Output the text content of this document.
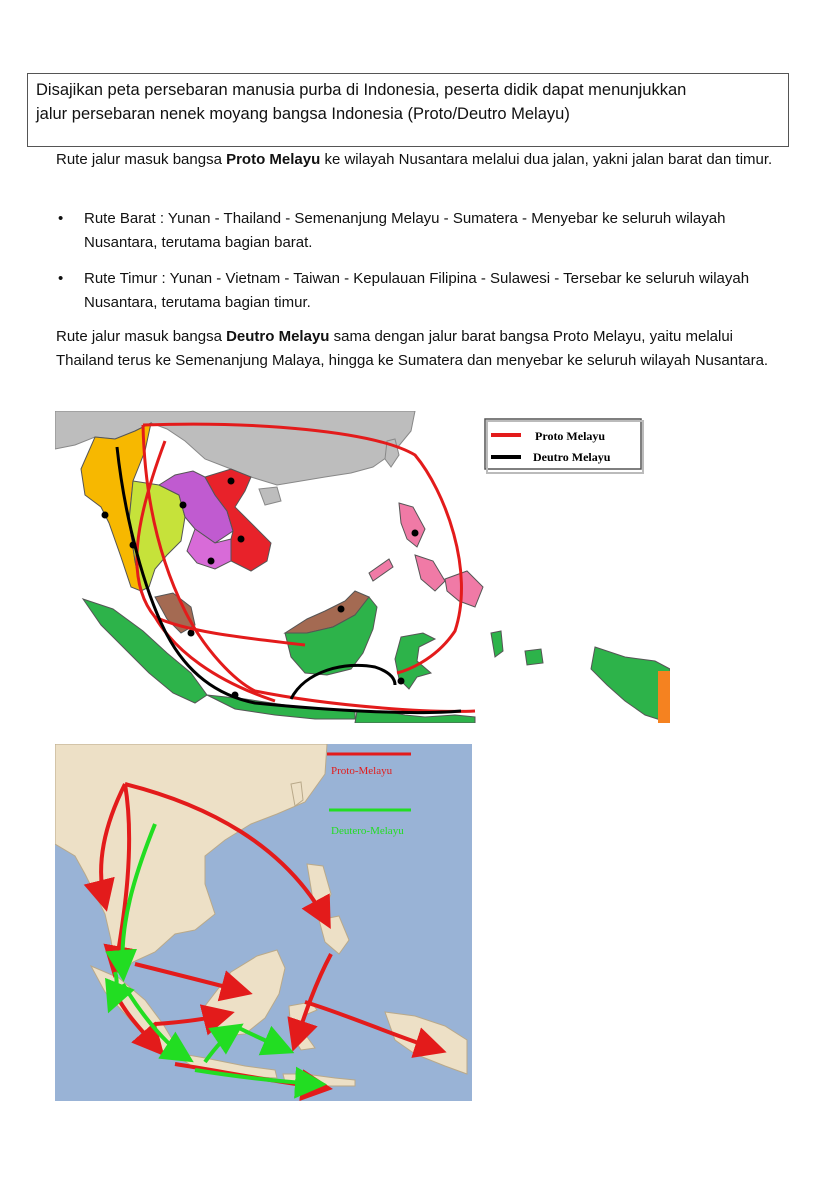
Disajikan peta persebaran manusia purba di Indonesia, peserta didik dapat menunjukkan
jalur persebaran nenek moyang bangsa Indonesia (Proto/Deutro Melayu)

Rute jalur masuk bangsa Proto Melayu ke wilayah Nusantara melalui dua jalan, yakni jalan barat dan timur.

• Rute Barat : Yunan - Thailand - Semenanjung Melayu - Sumatera - Menyebar ke seluruh wilayah Nusantara, terutama bagian barat.
• Rute Timur : Yunan - Vietnam - Taiwan - Kepulauan Filipina - Sulawesi - Tersebar ke seluruh wilayah Nusantara, terutama bagian timur.

Rute jalur masuk bangsa Deutro Melayu sama dengan jalur barat bangsa Proto Melayu, yaitu melalui Thailand terus ke Semenanjung Malaya, hingga ke Sumatera dan menyebar ke seluruh wilayah Nusantara.

Proto Melayu
Deutro Melayu
Proto-Melayu
Deutero-Melayu
